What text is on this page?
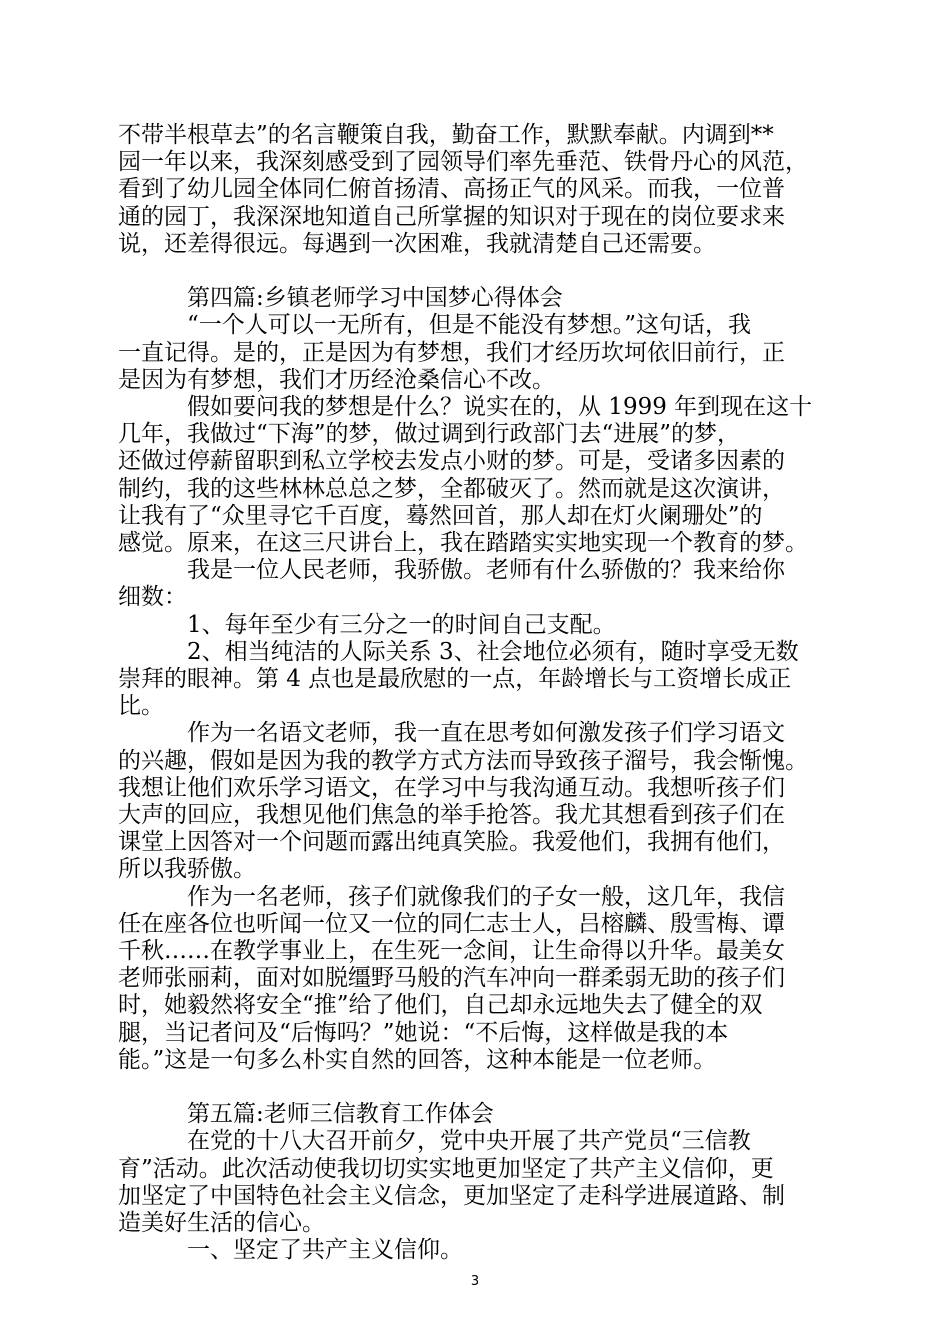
不带半根草去”的名言鞭策自我，勤奋工作，默默奉献。内调到**
园一年以来，我深刻感受到了园领导们率先垂范、铁骨丹心的风范，
看到了幼儿园全体同仁俯首扬清、高扬正气的风采。而我，一位普
通的园丁，我深深地知道自己所掌握的知识对于现在的岗位要求来
说，还差得很远。每遇到一次困难，我就清楚自己还需要。
　　　第四篇:乡镇老师学习中国梦心得体会
　　　“一个人可以一无所有，但是不能没有梦想。”这句话，我
一直记得。是的，正是因为有梦想，我们才经历坎坷依旧前行，正
是因为有梦想，我们才历经沧桑信心不改。
　　　假如要问我的梦想是什么？说实在的，从 1999 年到现在这十
几年，我做过“下海”的梦，做过调到行政部门去“进展”的梦，
还做过停薪留职到私立学校去发点小财的梦。可是，受诸多因素的
制约，我的这些林林总总之梦，全都破灭了。然而就是这次演讲，
让我有了“众里寻它千百度，蓦然回首，那人却在灯火阑珊处”的
感觉。原来，在这三尺讲台上，我在踏踏实实地实现一个教育的梦。
　　　我是一位人民老师，我骄傲。老师有什么骄傲的？我来给你
细数：
　　　1、每年至少有三分之一的时间自己支配。
　　　2、相当纯洁的人际关系 3、社会地位必须有，随时享受无数
崇拜的眼神。第 4 点也是最欣慰的一点，年龄增长与工资增长成正
比。
　　　作为一名语文老师，我一直在思考如何激发孩子们学习语文
的兴趣，假如是因为我的教学方式方法而导致孩子溜号，我会惭愧。
我想让他们欢乐学习语文，在学习中与我沟通互动。我想听孩子们
大声的回应，我想见他们焦急的举手抢答。我尤其想看到孩子们在
课堂上因答对一个问题而露出纯真笑脸。我爱他们，我拥有他们，
所以我骄傲。
　　　作为一名老师，孩子们就像我们的子女一般，这几年，我信
任在座各位也听闻一位又一位的同仁志士人，吕榕麟、殷雪梅、谭
千秋……在教学事业上，在生死一念间，让生命得以升华。最美女
老师张丽莉，面对如脱缰野马般的汽车冲向一群柔弱无助的孩子们
时，她毅然将安全“推”给了他们，自己却永远地失去了健全的双
腿，当记者问及“后悔吗？”她说：“不后悔，这样做是我的本
能。”这是一句多么朴实自然的回答，这种本能是一位老师。
　　　第五篇:老师三信教育工作体会
　　　在党的十八大召开前夕，党中央开展了共产党员“三信教
育”活动。此次活动使我切切实实地更加坚定了共产主义信仰，更
加坚定了中国特色社会主义信念，更加坚定了走科学进展道路、制
造美好生活的信心。
　　　一、坚定了共产主义信仰。
3
